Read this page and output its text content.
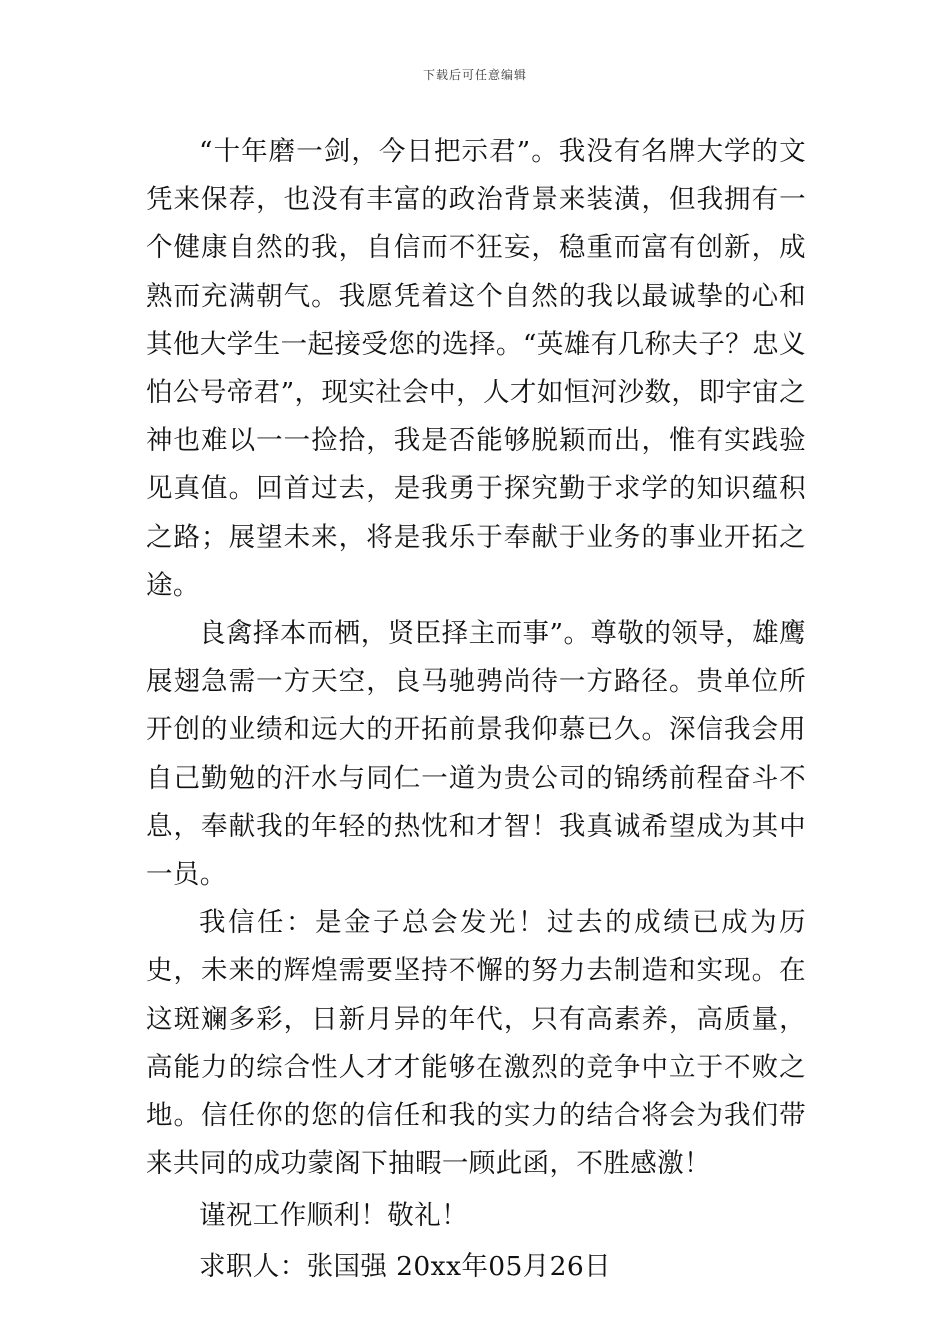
下载后可任意编辑

“十年磨一剑，今日把示君”。我没有名牌大学的文凭来保荐，也没有丰富的政治背景来装潢，但我拥有一个健康自然的我，自信而不狂妄，稳重而富有创新，成熟而充满朝气。我愿凭着这个自然的我以最诚挚的心和其他大学生一起接受您的选择。“英雄有几称夫子？忠义怕公号帝君”，现实社会中，人才如恒河沙数，即宇宙之神也难以一一捡拾，我是否能够脱颖而出，惟有实践验见真值。回首过去，是我勇于探究勤于求学的知识蕴积之路；展望未来，将是我乐于奉献于业务的事业开拓之途。

良禽择本而栖，贤臣择主而事”。尊敬的领导，雄鹰展翅急需一方天空，良马驰骋尚待一方路径。贵单位所开创的业绩和远大的开拓前景我仰慕已久。深信我会用自己勤勉的汗水与同仁一道为贵公司的锦绣前程奋斗不息，奉献我的年轻的热忱和才智！我真诚希望成为其中一员。

我信任：是金子总会发光！过去的成绩已成为历史，未来的辉煌需要坚持不懈的努力去制造和实现。在这斑斓多彩，日新月异的年代，只有高素养，高质量，高能力的综合性人才才能够在激烈的竞争中立于不败之地。信任你的您的信任和我的实力的结合将会为我们带来共同的成功蒙阁下抽暇一顾此函，不胜感激！

谨祝工作顺利！敬礼！

求职人：张国强 20xx年05月26日
